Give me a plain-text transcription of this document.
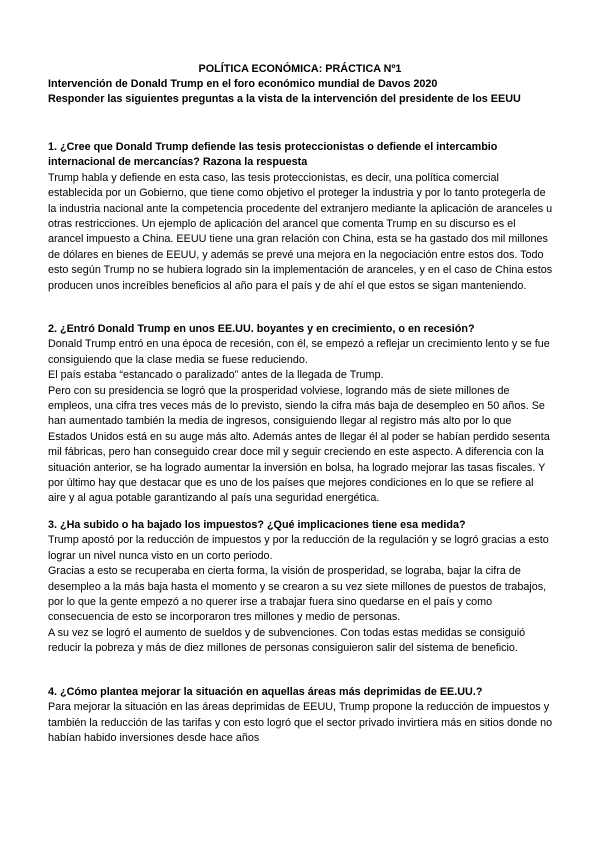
POLÍTICA ECONÓMICA: PRÁCTICA Nº1
Intervención de Donald Trump en el foro económico mundial de Davos 2020
Responder las siguientes preguntas a la vista de la intervención del presidente de los EEUU

1. ¿Cree que Donald Trump defiende las tesis proteccionistas o defiende el intercambio internacional de mercancías? Razona la respuesta

Trump habla y defiende en esta caso, las tesis proteccionistas, es decir, una política comercial establecida por un Gobierno, que tiene como objetivo el proteger la industria y por lo tanto protegerla de la industria nacional ante la competencia procedente del extranjero mediante la aplicación de aranceles u otras restricciones. Un ejemplo de aplicación del arancel que comenta Trump en su discurso es el arancel impuesto a China. EEUU tiene una gran relación con China, esta se ha gastado dos mil millones de dólares en bienes de EEUU, y además se prevé una mejora en la negociación entre estos dos. Todo esto según Trump no se hubiera logrado sin la implementación de aranceles, y en el caso de China estos producen unos increíbles beneficios al año para el país y de ahí el que estos se sigan manteniendo.

2. ¿Entró Donald Trump en unos EE.UU. boyantes y en crecimiento, o en recesión?

Donald Trump entró en una época de recesión, con él, se empezó a reflejar un crecimiento lento y se fue consiguiendo que la clase media se fuese reduciendo.

El país estaba “estancado o paralizado” antes de la llegada de Trump.

Pero con su presidencia se logró que la prosperidad volviese, logrando más de siete millones de empleos, una cifra tres veces más de lo previsto, siendo la cifra más baja de desempleo en 50 años. Se han aumentado también la media de ingresos, consiguiendo llegar al registro más alto por lo que Estados Unidos está en su auge más alto. Además antes de llegar él al poder se habían perdido sesenta mil fábricas, pero han conseguido crear doce mil y seguir creciendo en este aspecto. A diferencia con la situación anterior, se ha logrado aumentar la inversión en bolsa, ha logrado mejorar las tasas fiscales. Y por último hay que destacar que es uno de los países que mejores condiciones en lo que se refiere al aire y al agua potable garantizando al país una seguridad energética.

3. ¿Ha subido o ha bajado los impuestos? ¿Qué implicaciones tiene esa medida?

Trump apostó por la reducción de impuestos y por la reducción de la regulación y se logró gracias a esto lograr un nivel nunca visto en un corto periodo.

Gracias a esto se recuperaba en cierta forma, la visión de prosperidad, se lograba, bajar la cifra de desempleo a la más baja hasta el momento y se crearon a su vez siete millones de puestos de trabajos, por lo que la gente empezó a no querer irse a trabajar fuera sino quedarse en el país y como consecuencia de esto se incorporaron tres millones y medio de personas.

A su vez se logró el aumento de sueldos y de subvenciones. Con todas estas medidas se consiguió reducir la pobreza y más de diez millones de personas consiguieron salir del sistema de beneficio.

4. ¿Cómo plantea mejorar la situación en aquellas áreas más deprimidas de EE.UU.?

Para mejorar la situación en las áreas deprimidas de EEUU, Trump propone la reducción de impuestos y también la reducción de las tarifas y con esto logró que el sector privado invirtiera más en sitios donde no habían habido inversiones desde hace años
